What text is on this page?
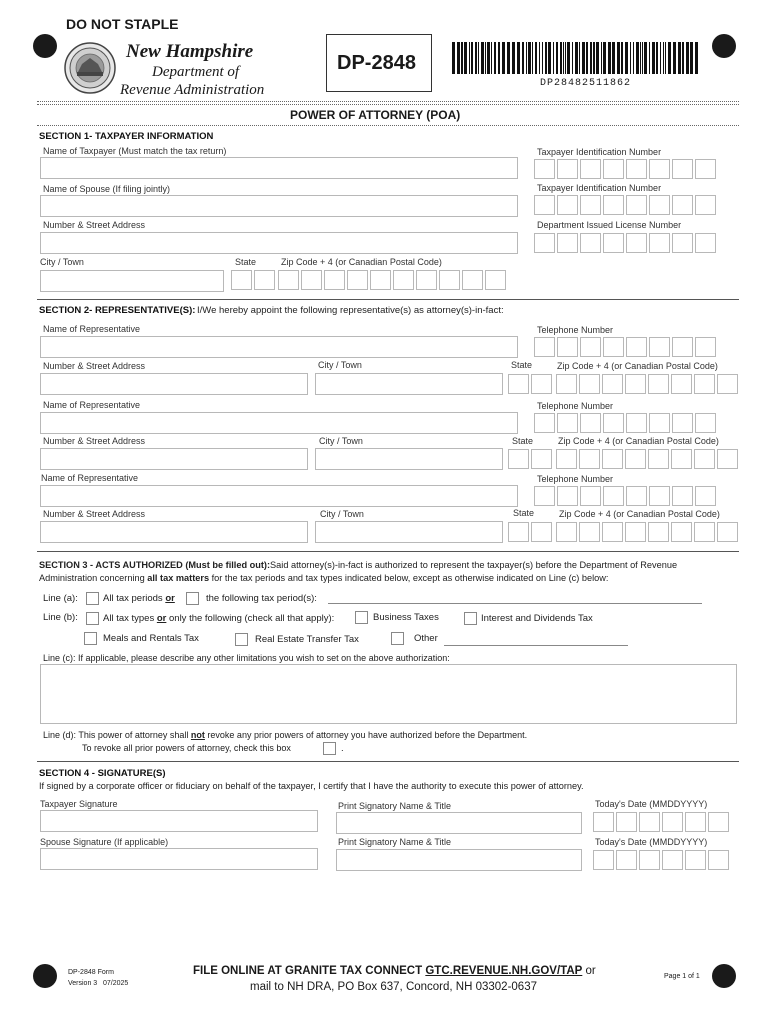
DO NOT STAPLE
New Hampshire
Department of
Revenue Administration
DP-2848
DP28482511862
POWER OF ATTORNEY (POA)
SECTION 1- TAXPAYER INFORMATION
Name of Taxpayer (Must match the tax return)	Taxpayer Identification Number
Name of Spouse (If filing jointly)	Taxpayer Identification Number
Number & Street Address	Department Issued License Number
City / Town	State	Zip Code + 4 (or Canadian Postal Code)
SECTION 2- REPRESENTATIVE(S): I/We hereby appoint the following representative(s) as attorney(s)-in-fact:
Name of Representative	Telephone Number
Number & Street Address	City / Town	State	Zip Code + 4 (or Canadian Postal Code)
Name of Representative	Telephone Number
Number & Street Address	City / Town	State	Zip Code + 4 (or Canadian Postal Code)
Name of Representative	Telephone Number
Number & Street Address	City / Town	State	Zip Code + 4 (or Canadian Postal Code)
SECTION 3 - ACTS AUTHORIZED (Must be filled out):Said attorney(s)-in-fact is authorized to represent the taxpayer(s) before the Department of Revenue
Administration concerning all tax matters for the tax periods and tax types indicated below, except as otherwise indicated on Line (c) below:
Line (a):	All tax periods or	the following tax period(s):
Line (b):	All tax types or only the following (check all that apply):	Business Taxes	Interest and Dividends Tax
Meals and Rentals Tax	Real Estate Transfer Tax	Other
Line (c): If applicable, please describe any other limitations you wish to set on the above authorization:
Line (d): This power of attorney shall not revoke any prior powers of attorney you have authorized before the Department.
To revoke all prior powers of attorney, check this box	.
SECTION 4 - SIGNATURE(S)
If signed by a corporate officer or fiduciary on behalf of the taxpayer, I certify that I have the authority to execute this power of attorney.
Taxpayer Signature	Print Signatory Name & Title	Today's Date (MMDDYYYY)
Spouse Signature (If applicable)	Print Signatory Name & Title	Today's Date (MMDDYYYY)
DP-2848 Form
Version 3   07/2025
FILE ONLINE AT GRANITE TAX CONNECT GTC.REVENUE.NH.GOV/TAP or
mail to NH DRA, PO Box 637, Concord, NH 03302-0637
Page 1 of 1
